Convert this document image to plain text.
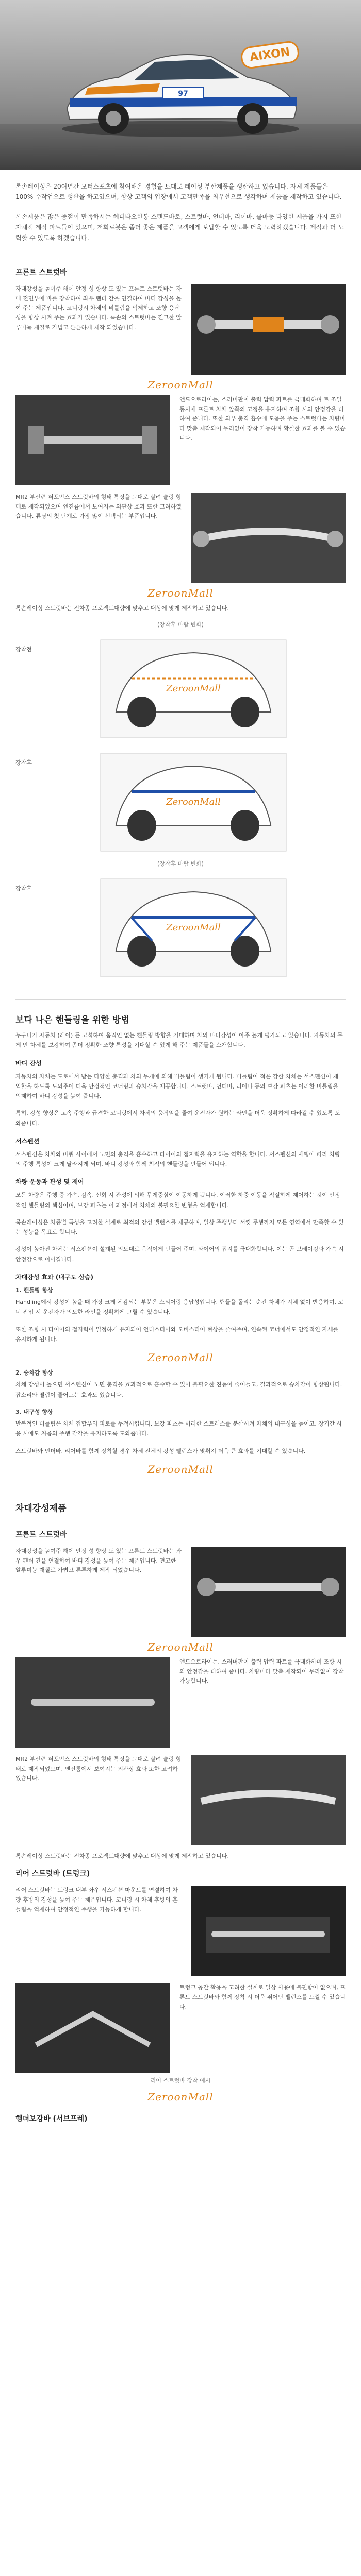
97
AIXON

록손레이싱은 20여년간 모터스포츠에 참여해온 경험을 토대로 레이싱 부산제품을 생산하고 있습니다. 자체 제품들은 100% 수작업으로 생산을 하고있으며, 항상 고객의 입장에서 고객만족을 최우선으로 생각하며 제품을 제작하고 있습니다.

록손제품은 많은 중절이 만족하시는 헤디타오한봉 스탠드바로, 스트럿바, 언더바, 리어바, 롤바등 다양한 제품을 가지 또한 자체적 제작 파트들이 있으며, 저희로봇은 좀더 좋은 제품을 고객에게 보답할 수 있도록 더욱 노력하겠습니다. 제작과 더 노력할 수 있도록 하겠습니다.

프론트 스트럿바
자대강성을 높여주 해에 안정 성 향상 도 있는 프론트 스트럿바는 자대 전면부에 바를 장착하여 좌우 펜더 간을 연결하여 바디 강성을 높여 주는 제품입니다. 코너링시 차체의 비틀림을 억제하고 조향 응답성을 향상 시켜 주는 효과가 있습니다. 록손의 스트럿바는 견고한 알루미늄 재질로 가볍고 튼튼하게 제작 되었습니다.
ZeroonMall
앤드으로라이는, 스러머판이 출력 압력 파트를 극대화하며 트 조일 동시에 프론트 차체 앞쪽의 고정을 유지하며 조향 시의 안정감을 더하여 줍니다. 또한 외부 충격 흡수에 도움을 주는 스트럿바는 차량마다 맞춤 제작되어 무리없이 장착 가능하며 확실한 효과를 볼 수 있습니다.
MR2 부산련 퍼포먼스 스트럿바의 형태 특징을 그대로 살려 슬링 형태로 제작되었으며 엔진룸에서 보여지는 외관상 효과 또한 고려하였습니다. 튜닝의 첫 단계로 가장 많이 선택되는 부품입니다.
ZeroonMall
록손레이싱 스트럿바는 전차종 프로젝트대량에 맞추고 대상에 맞게 제작하고 있습니다.
(장착후 바람 변화)
장착전
ZeroonMall
장착후
ZeroonMall
(장착후 바람 변화)
장착후
ZeroonMall
보다 나은 핸들링을 위한 방법
누구나가 자동차 (레이) 든 고석하여 움직인 없는 핸들링 방향을 기대하며 차의 바디강성이 아주 높게 평가되고 있습니다. 자동차의 무게 안 차체를 보강하여 좀더 정확한 조향 특성을 기대할 수 있게 해 주는 제품들을 소개합니다.
바디 강성
자동차의 차체는 도로에서 받는 다양한 충격과 차의 무게에 의해 비틀림이 생기게 됩니다. 비틀림이 적은 강한 차체는 서스펜션이 제 역할을 하도록 도와주어 더욱 안정적인 코너링과 승차감을 제공합니다. 스트럿바, 언더바, 리어바 등의 보강 파츠는 이러한 비틀림을 억제하여 바디 강성을 높여 줍니다.
특히, 강성 향상은 고속 주행과 급격한 코너링에서 차체의 움직임을 줄여 운전자가 원하는 라인을 더욱 정확하게 따라갈 수 있도록 도와줍니다.
서스펜션
서스펜션은 차체와 바퀴 사이에서 노면의 충격을 흡수하고 타이어의 접지력을 유지하는 역할을 합니다. 서스펜션의 세팅에 따라 차량의 주행 특성이 크게 달라지게 되며, 바디 강성과 함께 최적의 핸들링을 만들어 냅니다.
차량 운동과 관성 및 제어
모든 차량은 주행 중 가속, 감속, 선회 시 관성에 의해 무게중심이 이동하게 됩니다. 이러한 하중 이동을 적절하게 제어하는 것이 안정적인 핸들링의 핵심이며, 보강 파츠는 이 과정에서 차체의 불필요한 변형을 억제합니다.
록손레이싱은 차종별 특성을 고려한 설계로 최적의 강성 밸런스를 제공하며, 일상 주행부터 서킷 주행까지 모든 영역에서 만족할 수 있는 성능을 목표로 합니다.
강성이 높아진 차체는 서스펜션이 설계된 의도대로 움직이게 만들어 주며, 타이어의 접지를 극대화합니다. 이는 곧 브레이킹과 가속 시 안정감으로 이어집니다.
차대강성 효과 (내구도 상승)
1. 핸들링 향상
Handling에서 강성이 높을 때 가장 크게 체감되는 부분은 스티어링 응답성입니다. 핸들을 돌리는 순간 차체가 지체 없이 반응하며, 코너 진입 시 운전자가 의도한 라인을 정확하게 그릴 수 있습니다.
또한 조향 시 타이어의 접지력이 일정하게 유지되어 언더스티어와 오버스티어 현상을 줄여주며, 연속된 코너에서도 안정적인 자세를 유지하게 됩니다.
ZeroonMall
2. 승차감 향상
차체 강성이 높으면 서스펜션이 노면 충격을 효과적으로 흡수할 수 있어 불필요한 진동이 줄어들고, 결과적으로 승차감이 향상됩니다. 잡소리와 떨림이 줄어드는 효과도 있습니다.
3. 내구성 향상
반복적인 비틀림은 차체 접합부의 피로를 누적시킵니다. 보강 파츠는 이러한 스트레스를 분산시켜 차체의 내구성을 높이고, 장기간 사용 시에도 처음의 주행 감각을 유지하도록 도와줍니다.
스트럿바와 언더바, 리어바를 함께 장착할 경우 차체 전체의 강성 밸런스가 맞춰져 더욱 큰 효과를 기대할 수 있습니다.
ZeroonMall
차대강성제품
프론트 스트럿바
자대강성을 높여주 해에 안정 성 향상 도 있는 프론트 스트럿바는 좌우 펜더 간을 연결하여 바디 강성을 높여 주는 제품입니다. 견고한 알루미늄 재질로 가볍고 튼튼하게 제작 되었습니다.
ZeroonMall
앤드으로라이는, 스러머판이 출력 압력 파트를 극대화하며 조향 시의 안정감을 더하여 줍니다. 차량마다 맞춤 제작되어 무리없이 장착 가능합니다.
MR2 부산련 퍼포먼스 스트럿바의 형태 특징을 그대로 살려 슬링 형태로 제작되었으며, 엔진룸에서 보여지는 외관상 효과 또한 고려하였습니다.
록손레이싱 스트럿바는 전차종 프로젝트대량에 맞추고 대상에 맞게 제작하고 있습니다.
리어 스트럿바 (트렁크)
리어 스트럿바는 트렁크 내부 좌우 서스펜션 마운트를 연결하여 차량 후방의 강성을 높여 주는 제품입니다. 코너링 시 차체 후방의 흔들림을 억제하여 안정적인 주행을 가능하게 합니다.
트렁크 공간 활용을 고려한 설계로 일상 사용에 불편함이 없으며, 프론트 스트럿바와 함께 장착 시 더욱 뛰어난 밸런스를 느낄 수 있습니다.
리어 스트럿바 장착 예시
ZeroonMall
행더보강바 (서브프레)
